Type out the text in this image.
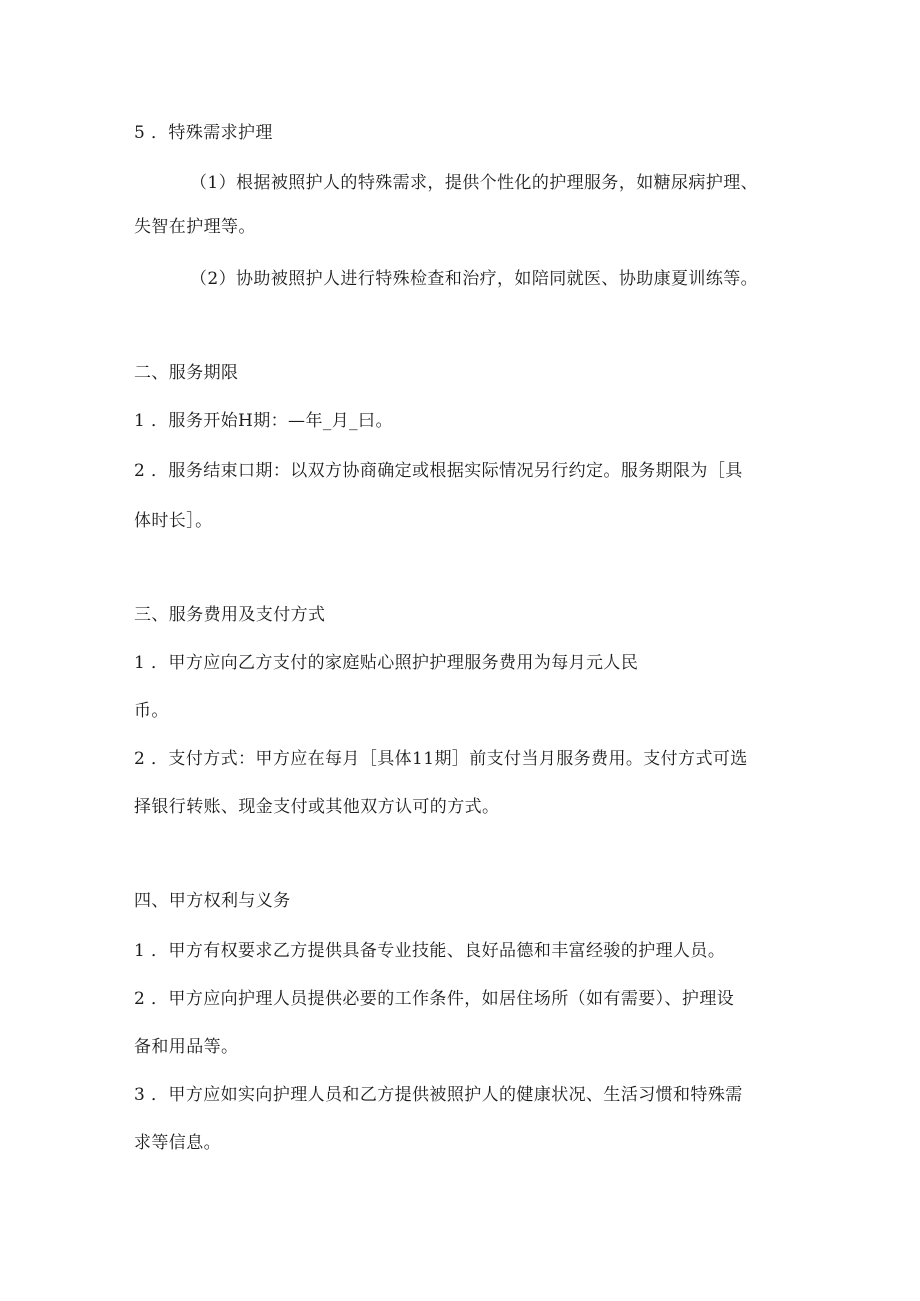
5 ．特殊需求护理
（1）根据被照护人的特殊需求，提供个性化的护理服务，如糖尿病护理、
失智在护理等。
（2）协助被照护人进行特殊检查和治疗，如陪同就医、协助康夏训练等。
二、服务期限
1 ．服务开始H期：—年_月_曰。
2 ．服务结束口期：以双方协商确定或根据实际情况另行约定。服务期限为［具
体时长］。
三、服务费用及支付方式
1 ．甲方应向乙方支付的家庭贴心照护护理服务费用为每月元人民
币。
2 ．支付方式：甲方应在每月［具体11期］前支付当月服务费用。支付方式可选
择银行转账、现金支付或其他双方认可的方式。
四、甲方权利与义务
1 ．甲方有权要求乙方提供具备专业技能、良好品德和丰富经骏的护理人员。
2 ．甲方应向护理人员提供必要的工作条件，如居住场所（如有需要）、护理设
备和用品等。
3 ．甲方应如实向护理人员和乙方提供被照护人的健康状况、生活习惯和特殊需
求等信息。
